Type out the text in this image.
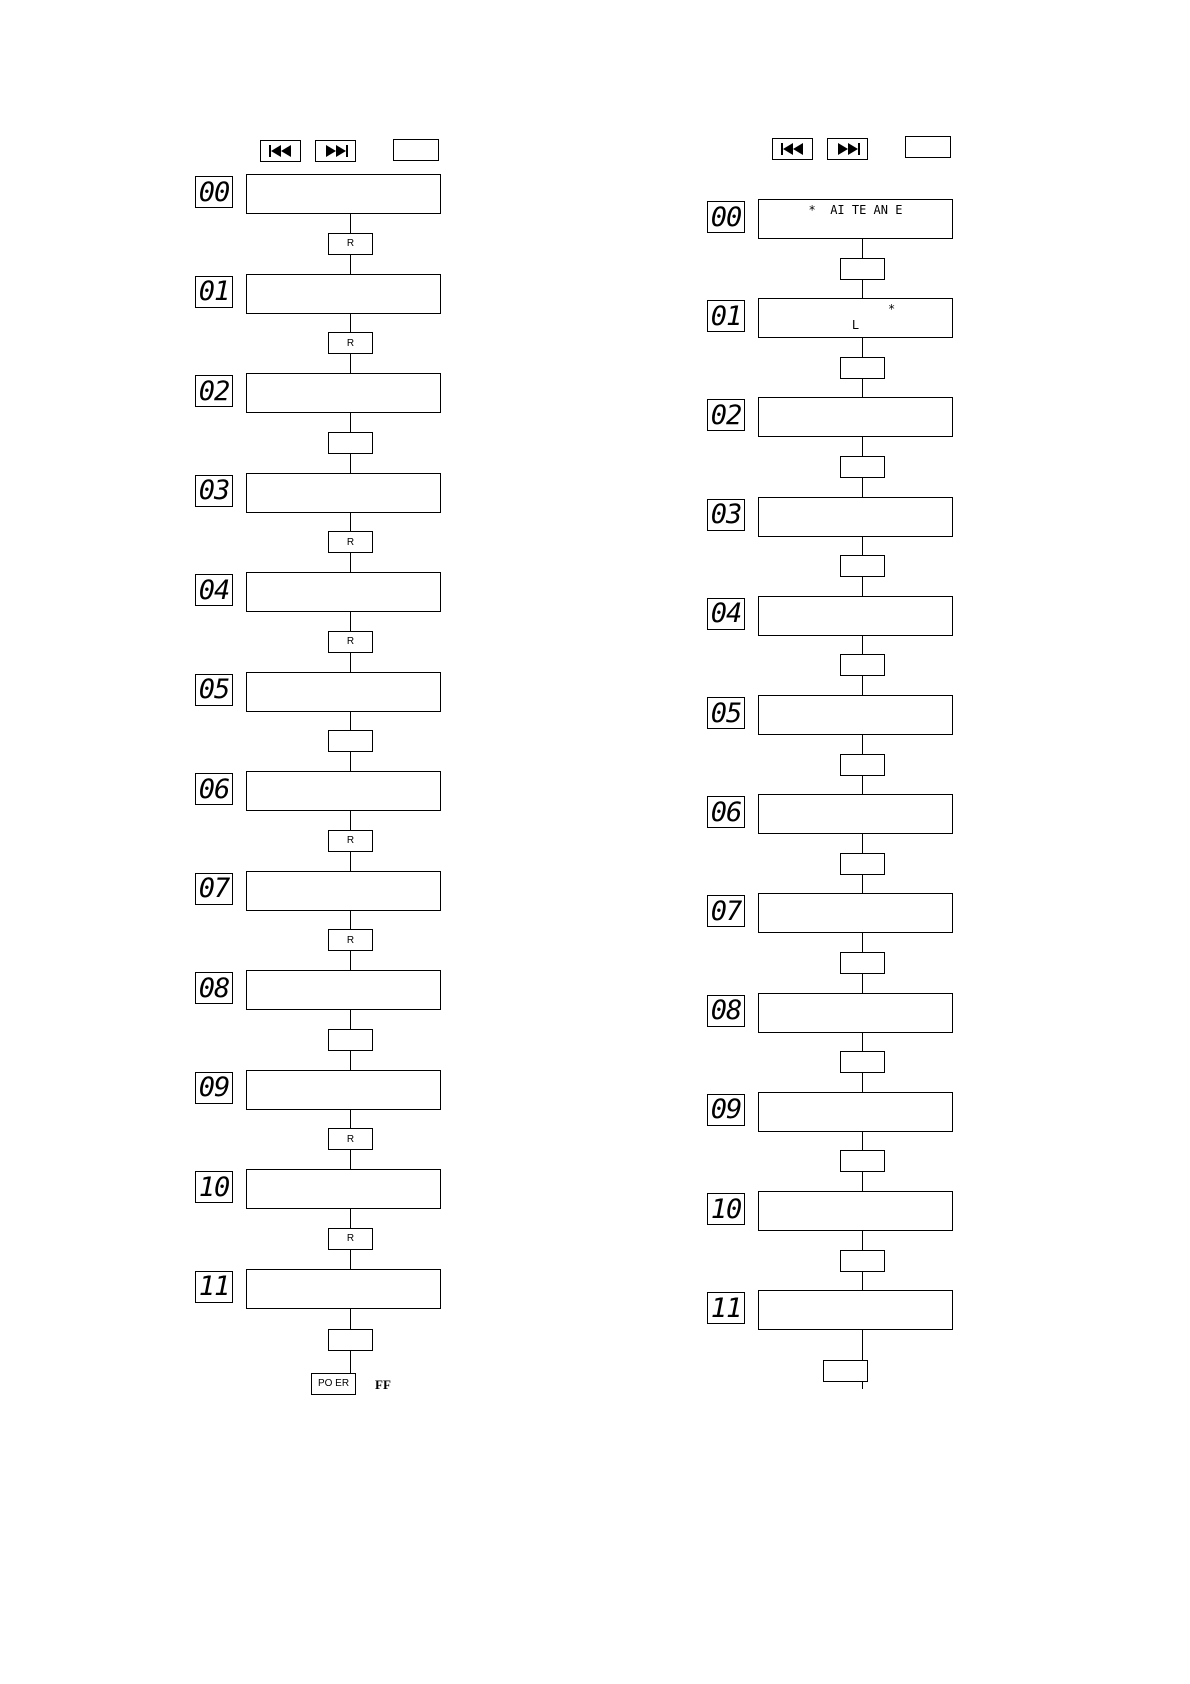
00
R
01
R
02
03
R
04
R
05
06
R
07
R
08
09
R
10
R
11
PO ER	FF
00	*  AI TE AN E
01	*
L
02
03
04
05
06
07
08
09
10
11
